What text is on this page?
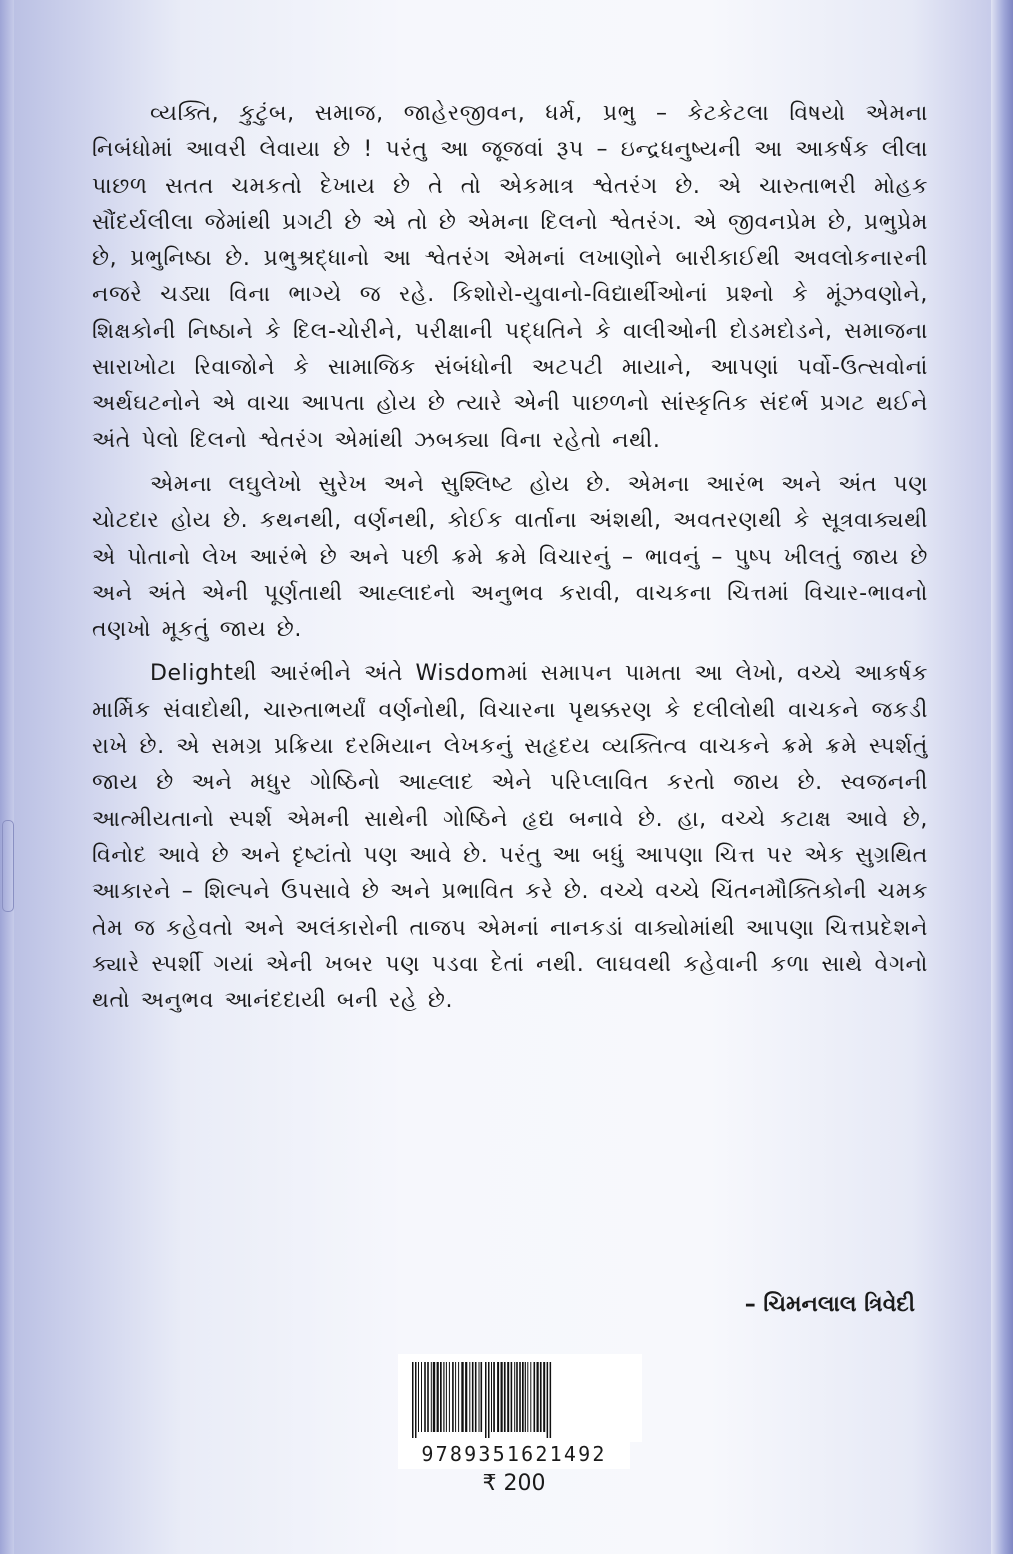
વ્યક્તિ, કુટુંબ, સમાજ, જાહેરજીવન, ધર્મ, પ્રભુ – કેટકેટલા વિષયો એમના નિબંધોમાં આવરી લેવાયા છે ! પરંતુ આ જૂજવાં રૂપ – ઇન્દ્રધનુષ્યની આ આકર્ષક લીલા પાછળ સતત ચમકતો દેખાય છે તે તો એકમાત્ર શ્વેતરંગ છે. એ ચારુતાભરી મોહક સૌંદર્યલીલા જેમાંથી પ્રગટી છે એ તો છે એમના દિલનો શ્વેતરંગ. એ જીવનપ્રેમ છે, પ્રભુપ્રેમ છે, પ્રભુનિષ્ઠા છે. પ્રભુશ્રદ્ધાનો આ શ્વેતરંગ એમનાં લખાણોને બારીકાઈથી અવલોકનારની નજરે ચડ્યા વિના ભાગ્યે જ રહે. કિશોરો-યુવાનો-વિદ્યાર્થીઓનાં પ્રશ્નો કે મૂંઝવણોને, શિક્ષકોની નિષ્ઠાને કે દિલ-ચોરીને, પરીક્ષાની પદ્ધતિને કે વાલીઓની દોડમદોડને, સમાજના સારાખોટા રિવાજોને કે સામાજિક સંબંધોની અટપટી માયાને, આપણાં પર્વો-ઉત્સવોનાં અર્થઘટનોને એ વાચા આપતા હોય છે ત્યારે એની પાછળનો સાંસ્કૃતિક સંદર્ભ પ્રગટ થઈને અંતે પેલો દિલનો શ્વેતરંગ એમાંથી ઝબક્યા વિના રહેતો નથી.

એમના લઘુલેખો સુરેખ અને સુશ્લિષ્ટ હોય છે. એમના આરંભ અને અંત પણ ચોટદાર હોય છે. કથનથી, વર્ણનથી, કોઈક વાર્તાના અંશથી, અવતરણથી કે સૂત્રવાક્યથી એ પોતાનો લેખ આરંભે છે અને પછી ક્રમે ક્રમે વિચારનું – ભાવનું – પુષ્પ ખીલતું જાય છે અને અંતે એની પૂર્ણતાથી આહ્લાદનો અનુભવ કરાવી, વાચકના ચિત્તમાં વિચાર-ભાવનો તણખો મૂકતું જાય છે.

Delightથી આરંભીને અંતે Wisdomમાં સમાપન પામતા આ લેખો, વચ્ચે આકર્ષક માર્મિક સંવાદોથી, ચારુતાભર્યાં વર્ણનોથી, વિચારના પૃથક્કરણ કે દલીલોથી વાચકને જકડી રાખે છે. એ સમગ્ર પ્રક્રિયા દરમિયાન લેખકનું સહૃદય વ્યક્તિત્વ વાચકને ક્રમે ક્રમે સ્પર્શતું જાય છે અને મધુર ગોષ્ઠિનો આહ્લાદ એને પરિપ્લાવિત કરતો જાય છે. સ્વજનની આત્મીયતાનો સ્પર્શ એમની સાથેની ગોષ્ઠિને હૃદ્ય બનાવે છે. હા, વચ્ચે કટાક્ષ આવે છે, વિનોદ આવે છે અને દૃષ્ટાંતો પણ આવે છે. પરંતુ આ બધું આપણા ચિત્ત પર એક સુગ્રથિત આકારને – શિલ્પને ઉપસાવે છે અને પ્રભાવિત કરે છે. વચ્ચે વચ્ચે ચિંતનમૌક્તિકોની ચમક તેમ જ કહેવતો અને અલંકારોની તાજપ એમનાં નાનકડાં વાક્યોમાંથી આપણા ચિત્તપ્રદેશને ક્યારે સ્પર્શી ગયાં એની ખબર પણ પડવા દેતાં નથી. લાઘવથી કહેવાની કળા સાથે વેગનો થતો અનુભવ આનંદદાયી બની રહે છે.

– ચિમનલાલ ત્રિવેદી
9789351621492
₹ 200
